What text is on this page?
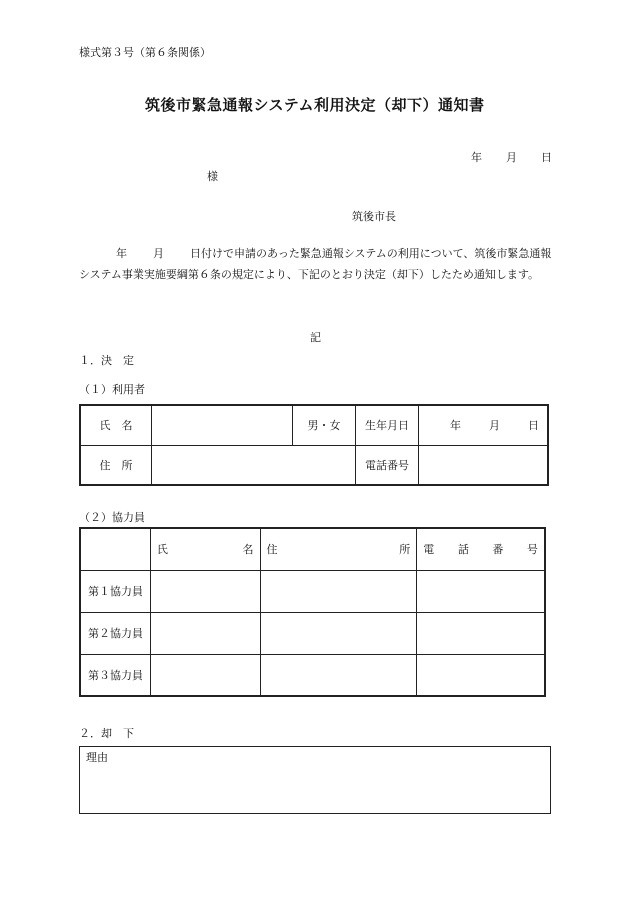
様式第３号（第６条関係）
筑後市緊急通報システム利用決定（却下）通知書
年 月 日
様
筑後市長
年 月 日付けで申請のあった緊急通報システムの利用について、筑後市緊急通報システム事業実施要綱第６条の規定により、下記のとおり決定（却下）したため通知します。
記
１．決　定
（１）利用者
氏　名		男・女	生年月日	年 月 日

住　所			電話番号	
（２）協力員

	氏 名	住 所	電 話 番 号

第１協力員			
第２協力員			
第３協力員			
２．却　下
理由
